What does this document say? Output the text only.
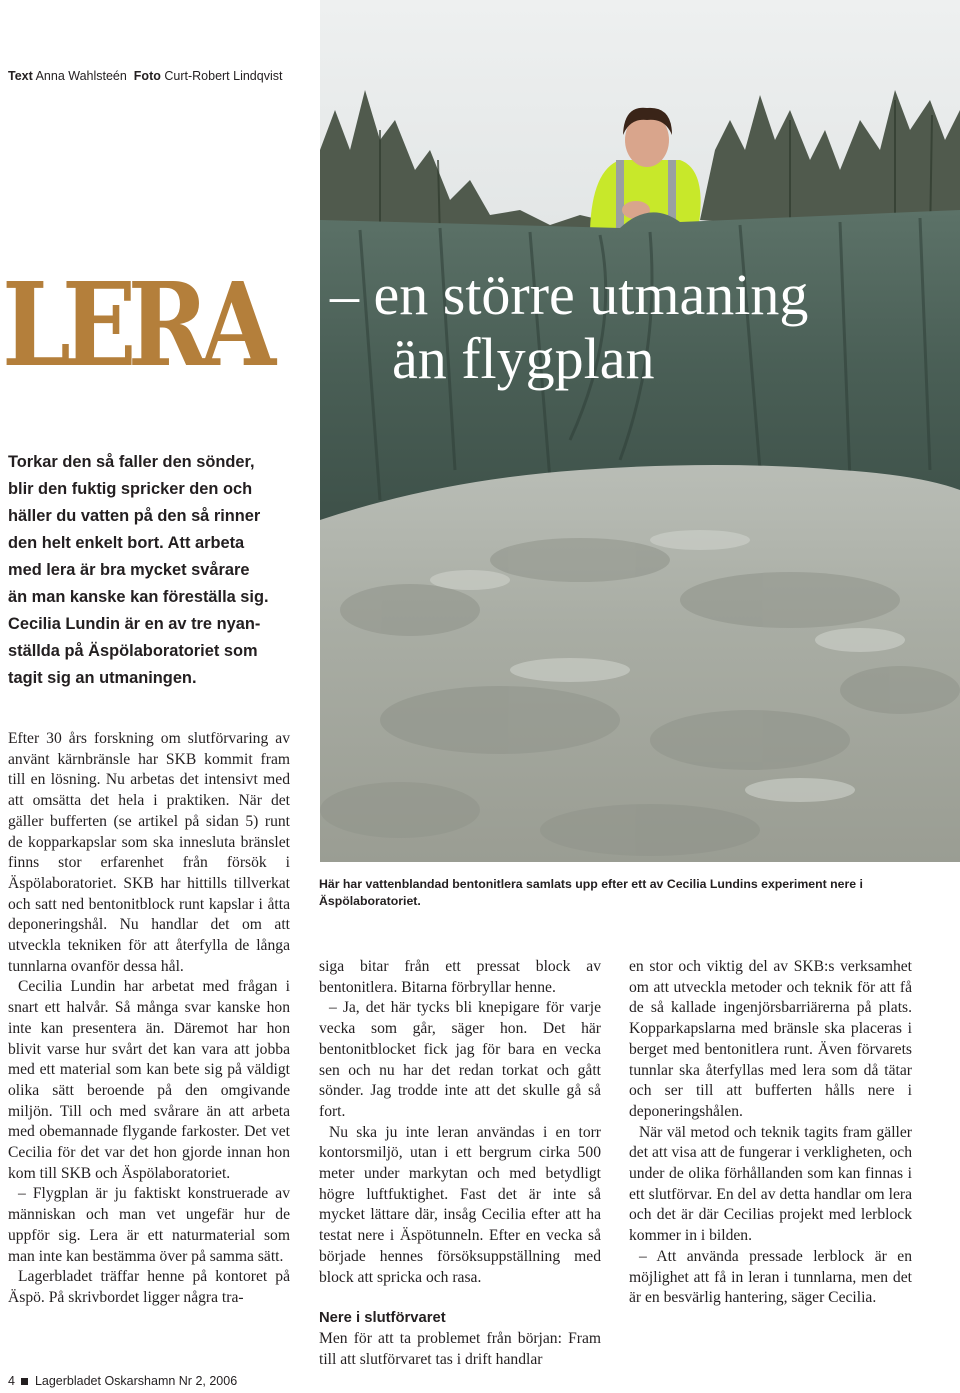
Text Anna Wahlsteén Foto Curt-Robert Lindqvist
LERA – en större utmaning
än flygplan

Torkar den så faller den sönder,
blir den fuktig spricker den och
häller du vatten på den så rinner
den helt enkelt bort. Att arbeta
med lera är bra mycket svårare
än man kanske kan föreställa sig.
Cecilia Lundin är en av tre nyan-
ställda på Äspölaboratoriet som
tagit sig an utmaningen.

Efter 30 års forskning om slutförvaring av använt kärnbränsle har SKB kommit fram till en lösning. Nu arbetas det intensivt med att omsätta det hela i praktiken. När det gäller bufferten (se artikel på sidan 5) runt de kopparkapslar som ska innesluta bränslet finns stor erfarenhet från försök i Äspölaboratoriet. SKB har hittills tillverkat och satt ned bentonitblock runt kapslar i åtta deponeringshål. Nu handlar det om att utveckla tekniken för att återfylla de långa tunnlarna ovanför dessa hål.

Cecilia Lundin har arbetat med frågan i snart ett halvår. Så många svar kanske hon inte kan presentera än. Däremot har hon blivit varse hur svårt det kan vara att jobba med ett material som kan bete sig på väldigt olika sätt beroende på den omgivande miljön. Till och med svårare än att arbeta med obemannade flygande farkoster. Det vet Cecilia för det var det hon gjorde innan hon kom till SKB och Äspölaboratoriet.

– Flygplan är ju faktiskt konstruerade av människan och man vet ungefär hur de uppför sig. Lera är ett naturmaterial som man inte kan bestämma över på samma sätt.

Lagerbladet träffar henne på kontoret på Äspö. På skrivbordet ligger några tra-

Här har vattenblandad bentonitlera samlats upp efter ett av Cecilia Lundins experiment nere i Äspölaboratoriet.

siga bitar från ett pressat block av bentonitlera. Bitarna förbryllar henne.

– Ja, det här tycks bli knepigare för varje vecka som går, säger hon. Det här bentonitblocket fick jag för bara en vecka sen och nu har det redan torkat och gått sönder. Jag trodde inte att det skulle gå så fort.

Nu ska ju inte leran användas i en torr kontorsmiljö, utan i ett bergrum cirka 500 meter under markytan och med betydligt högre luftfuktighet. Fast det är inte så mycket lättare där, insåg Cecilia efter att ha testat nere i Äspötunneln. Efter en vecka så började hennes försöksuppställning med block att spricka och rasa.

Nere i slutförvaret

Men för att ta problemet från början: Fram till att slutförvaret tas i drift handlar

en stor och viktig del av SKB:s verksamhet om att utveckla metoder och teknik för att få de så kallade ingenjörsbarriärerna på plats. Kopparkapslarna med bränsle ska placeras i berget med bentonitlera runt. Även förvarets tunnlar ska återfyllas med lera som då tätar och ser till att bufferten hålls nere i deponeringshålen.

När väl metod och teknik tagits fram gäller det att visa att de fungerar i verkligheten, och under de olika förhållanden som kan finnas i ett slutförvar. En del av detta handlar om lera och det är där Cecilias projekt med lerblock kommer in i bilden.

– Att använda pressade lerblock är en möjlighet att få in leran i tunnlarna, men det är en besvärlig hantering, säger Cecilia.

4 Lagerbladet Oskarshamn Nr 2, 2006
